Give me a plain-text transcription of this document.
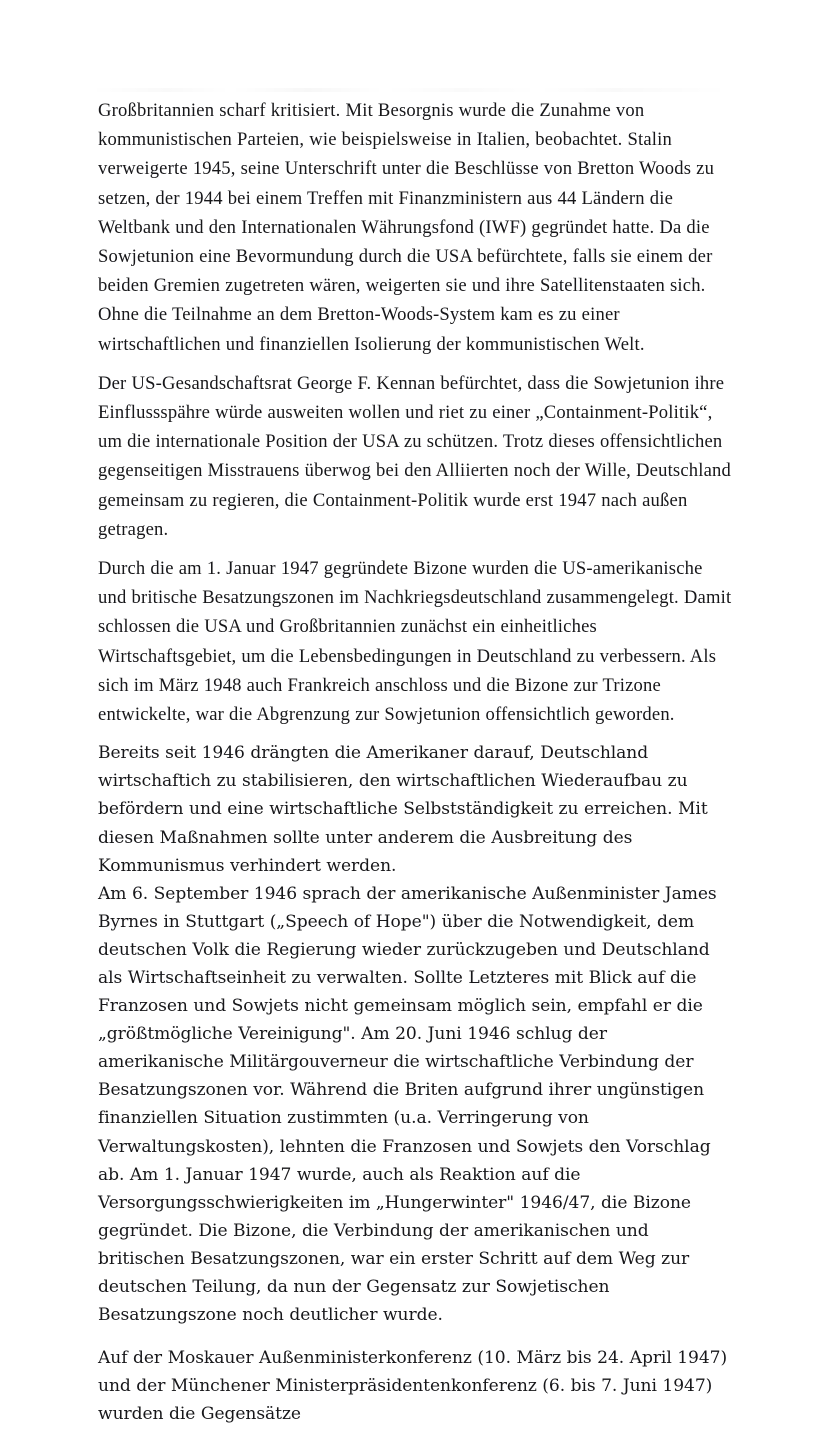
Großbritannien scharf kritisiert. Mit Besorgnis wurde die Zunahme von kommunistischen Parteien, wie beispielsweise in Italien, beobachtet. Stalin verweigerte 1945, seine Unterschrift unter die Beschlüsse von Bretton Woods zu setzen, der 1944 bei einem Treffen mit Finanzministern aus 44 Ländern die Weltbank und den Internationalen Währungsfond (IWF) gegründet hatte. Da die Sowjetunion eine Bevormundung durch die USA befürchtete, falls sie einem der beiden Gremien zugetreten wären, weigerten sie und ihre Satellitenstaaten sich. Ohne die Teilnahme an dem Bretton-Woods-System kam es zu einer wirtschaftlichen und finanziellen Isolierung der kommunistischen Welt.

Der US-Gesandschaftsrat George F. Kennan befürchtet, dass die Sowjetunion ihre Einflussspähre würde ausweiten wollen und riet zu einer „Containment-Politik“, um die internationale Position der USA zu schützen. Trotz dieses offensichtlichen gegenseitigen Misstrauens überwog bei den Alliierten noch der Wille, Deutschland gemeinsam zu regieren, die Containment-Politik wurde erst 1947 nach außen getragen.

Durch die am 1. Januar 1947 gegründete Bizone wurden die US-amerikanische und britische Besatzungszonen im Nachkriegsdeutschland zusammengelegt. Damit schlossen die USA und Großbritannien zunächst ein einheitliches Wirtschaftsgebiet, um die Lebensbedingungen in Deutschland zu verbessern. Als sich im März 1948 auch Frankreich anschloss und die Bizone zur Trizone entwickelte, war die Abgrenzung zur Sowjetunion offensichtlich geworden.

Bereits seit 1946 drängten die Amerikaner darauf, Deutschland wirtschaftich zu stabilisieren, den wirtschaftlichen Wiederaufbau zu befördern und eine wirtschaftliche Selbstständigkeit zu erreichen. Mit diesen Maßnahmen sollte unter anderem die Ausbreitung des Kommunismus verhindert werden.

Am 6. September 1946 sprach der amerikanische Außenminister James Byrnes in Stuttgart („Speech of Hope") über die Notwendigkeit, dem deutschen Volk die Regierung wieder zurückzugeben und Deutschland als Wirtschaftseinheit zu verwalten. Sollte Letzteres mit Blick auf die Franzosen und Sowjets nicht gemeinsam möglich sein, empfahl er die „größtmögliche Vereinigung". Am 20. Juni 1946 schlug der amerikanische Militärgouverneur die wirtschaftliche Verbindung der Besatzungszonen vor. Während die Briten aufgrund ihrer ungünstigen finanziellen Situation zustimmten (u.a. Verringerung von Verwaltungskosten), lehnten die Franzosen und Sowjets den Vorschlag ab. Am 1. Januar 1947 wurde, auch als Reaktion auf die Versorgungsschwierigkeiten im „Hungerwinter" 1946/47, die Bizone gegründet. Die Bizone, die Verbindung der amerikanischen und britischen Besatzungszonen, war ein erster Schritt auf dem Weg zur deutschen Teilung, da nun der Gegensatz zur Sowjetischen Besatzungszone noch deutlicher wurde.

Auf der Moskauer Außenministerkonferenz (10. März bis 24. April 1947) und der Münchener Ministerpräsidentenkonferenz (6. bis 7. Juni 1947) wurden die Gegensätze
